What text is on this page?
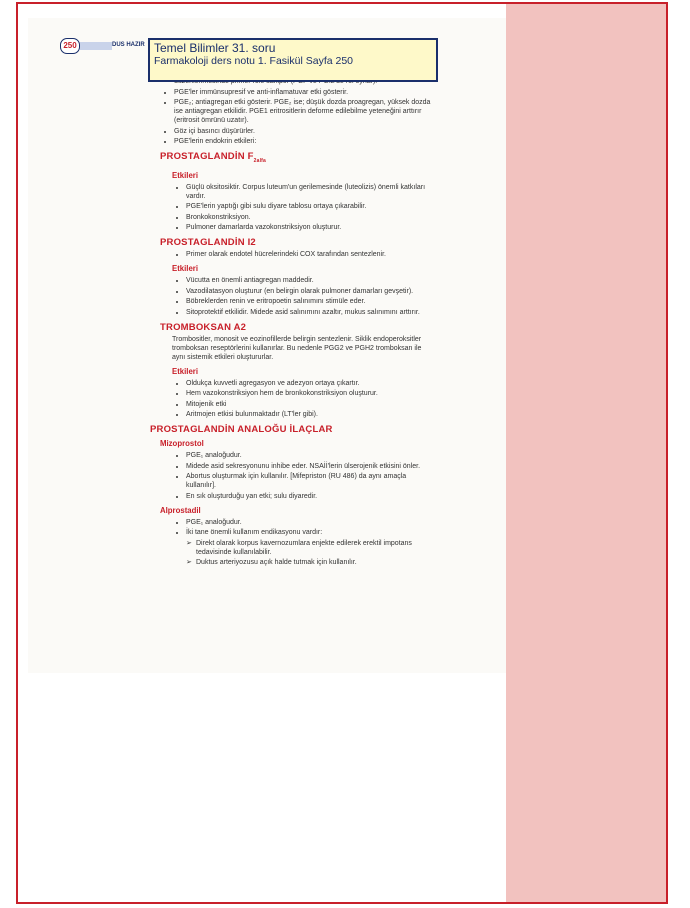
250	DUS HAZIR Temel Bilimler 31. soru
Farmakoloji ders notu 1. Fasikül Sayfa 250
•
• PGE'ler immünsupresif ve anti-inflamatuvar etki gösterir.
• PGE₂; antiagregan etki gösterir. PGE₂ ise; düşük dozda proagregan, yüksek dozda ise antiagregan etkilidir. PGE1 eritrositlerin deforme edilebilme yeteneğini arttırır (eritrosit ömrünü uzatır).
• Göz içi basıncı düşürürler.
• PGE'lerin endokrin etkileri:
PROSTAGLANDİN $F_{2alfa}$
Etkileri
• Güçlü oksitosiktir. Corpus luteum'un gerilemesinde (luteolizis) önemli katkıları vardır.
• PGE'lerin yaptığı gibi sulu diyare tablosu ortaya çıkarabilir.
• Bronkokonstriksiyon.
• Pulmoner damarlarda vazokonstriksiyon oluşturur.
PROSTAGLANDİN I2
• Primer olarak endotel hücrelerindeki COX tarafından sentezlenir.
Etkileri
• Vücutta en önemli antiagregan maddedir.
• Vazodilatasyon oluşturur (en belirgin olarak pulmoner damarları gevşetir).
• Böbreklerden renin ve eritropoetin salınımını stimüle eder.
• Sitoprotektif etkilidir. Midede asid salınımını azaltır, mukus salınımını arttırır.
TROMBOKSAN A2
Trombositler, monosit ve eozinofillerde belirgin sentezlenir. Siklik endoperoksitler tromboksan reseptörlerini kullanırlar. Bu nedenle PGG2 ve PGH2 tromboksan ile aynı sistemik etkileri oluştururlar.
Etkileri
• Oldukça kuvvetli agregasyon ve adezyon ortaya çıkartır.
• Hem vazokonstriksiyon hem de bronkokonstriksiyon oluşturur.
• Mitojenik etki
• Aritmojen etkisi bulunmaktadır (LT'ler gibi).
PROSTAGLANDİN ANALOĞU İLAÇLAR
Mizoprostol
• PGE₁ analoğudur.
• Midede asid sekresyonunu inhibe eder. NSAİİ'lerin ülserojenik etkisini önler.
• Abortus oluşturmak için kullanılır. [Mifepriston (RU 486) da aynı amaçla kullanılır].
• En sık oluşturduğu yan etki; sulu diyaredir.
Alprostadil
• PGE₁ analoğudur.
• İki tane önemli kullanım endikasyonu vardır:
➢ Direkt olarak korpus kavernozumlara enjekte edilerek erektil impotans tedavisinde kullanılabilir.
➢ Duktus arteriyozusu açık halde tutmak için kullanılır.
